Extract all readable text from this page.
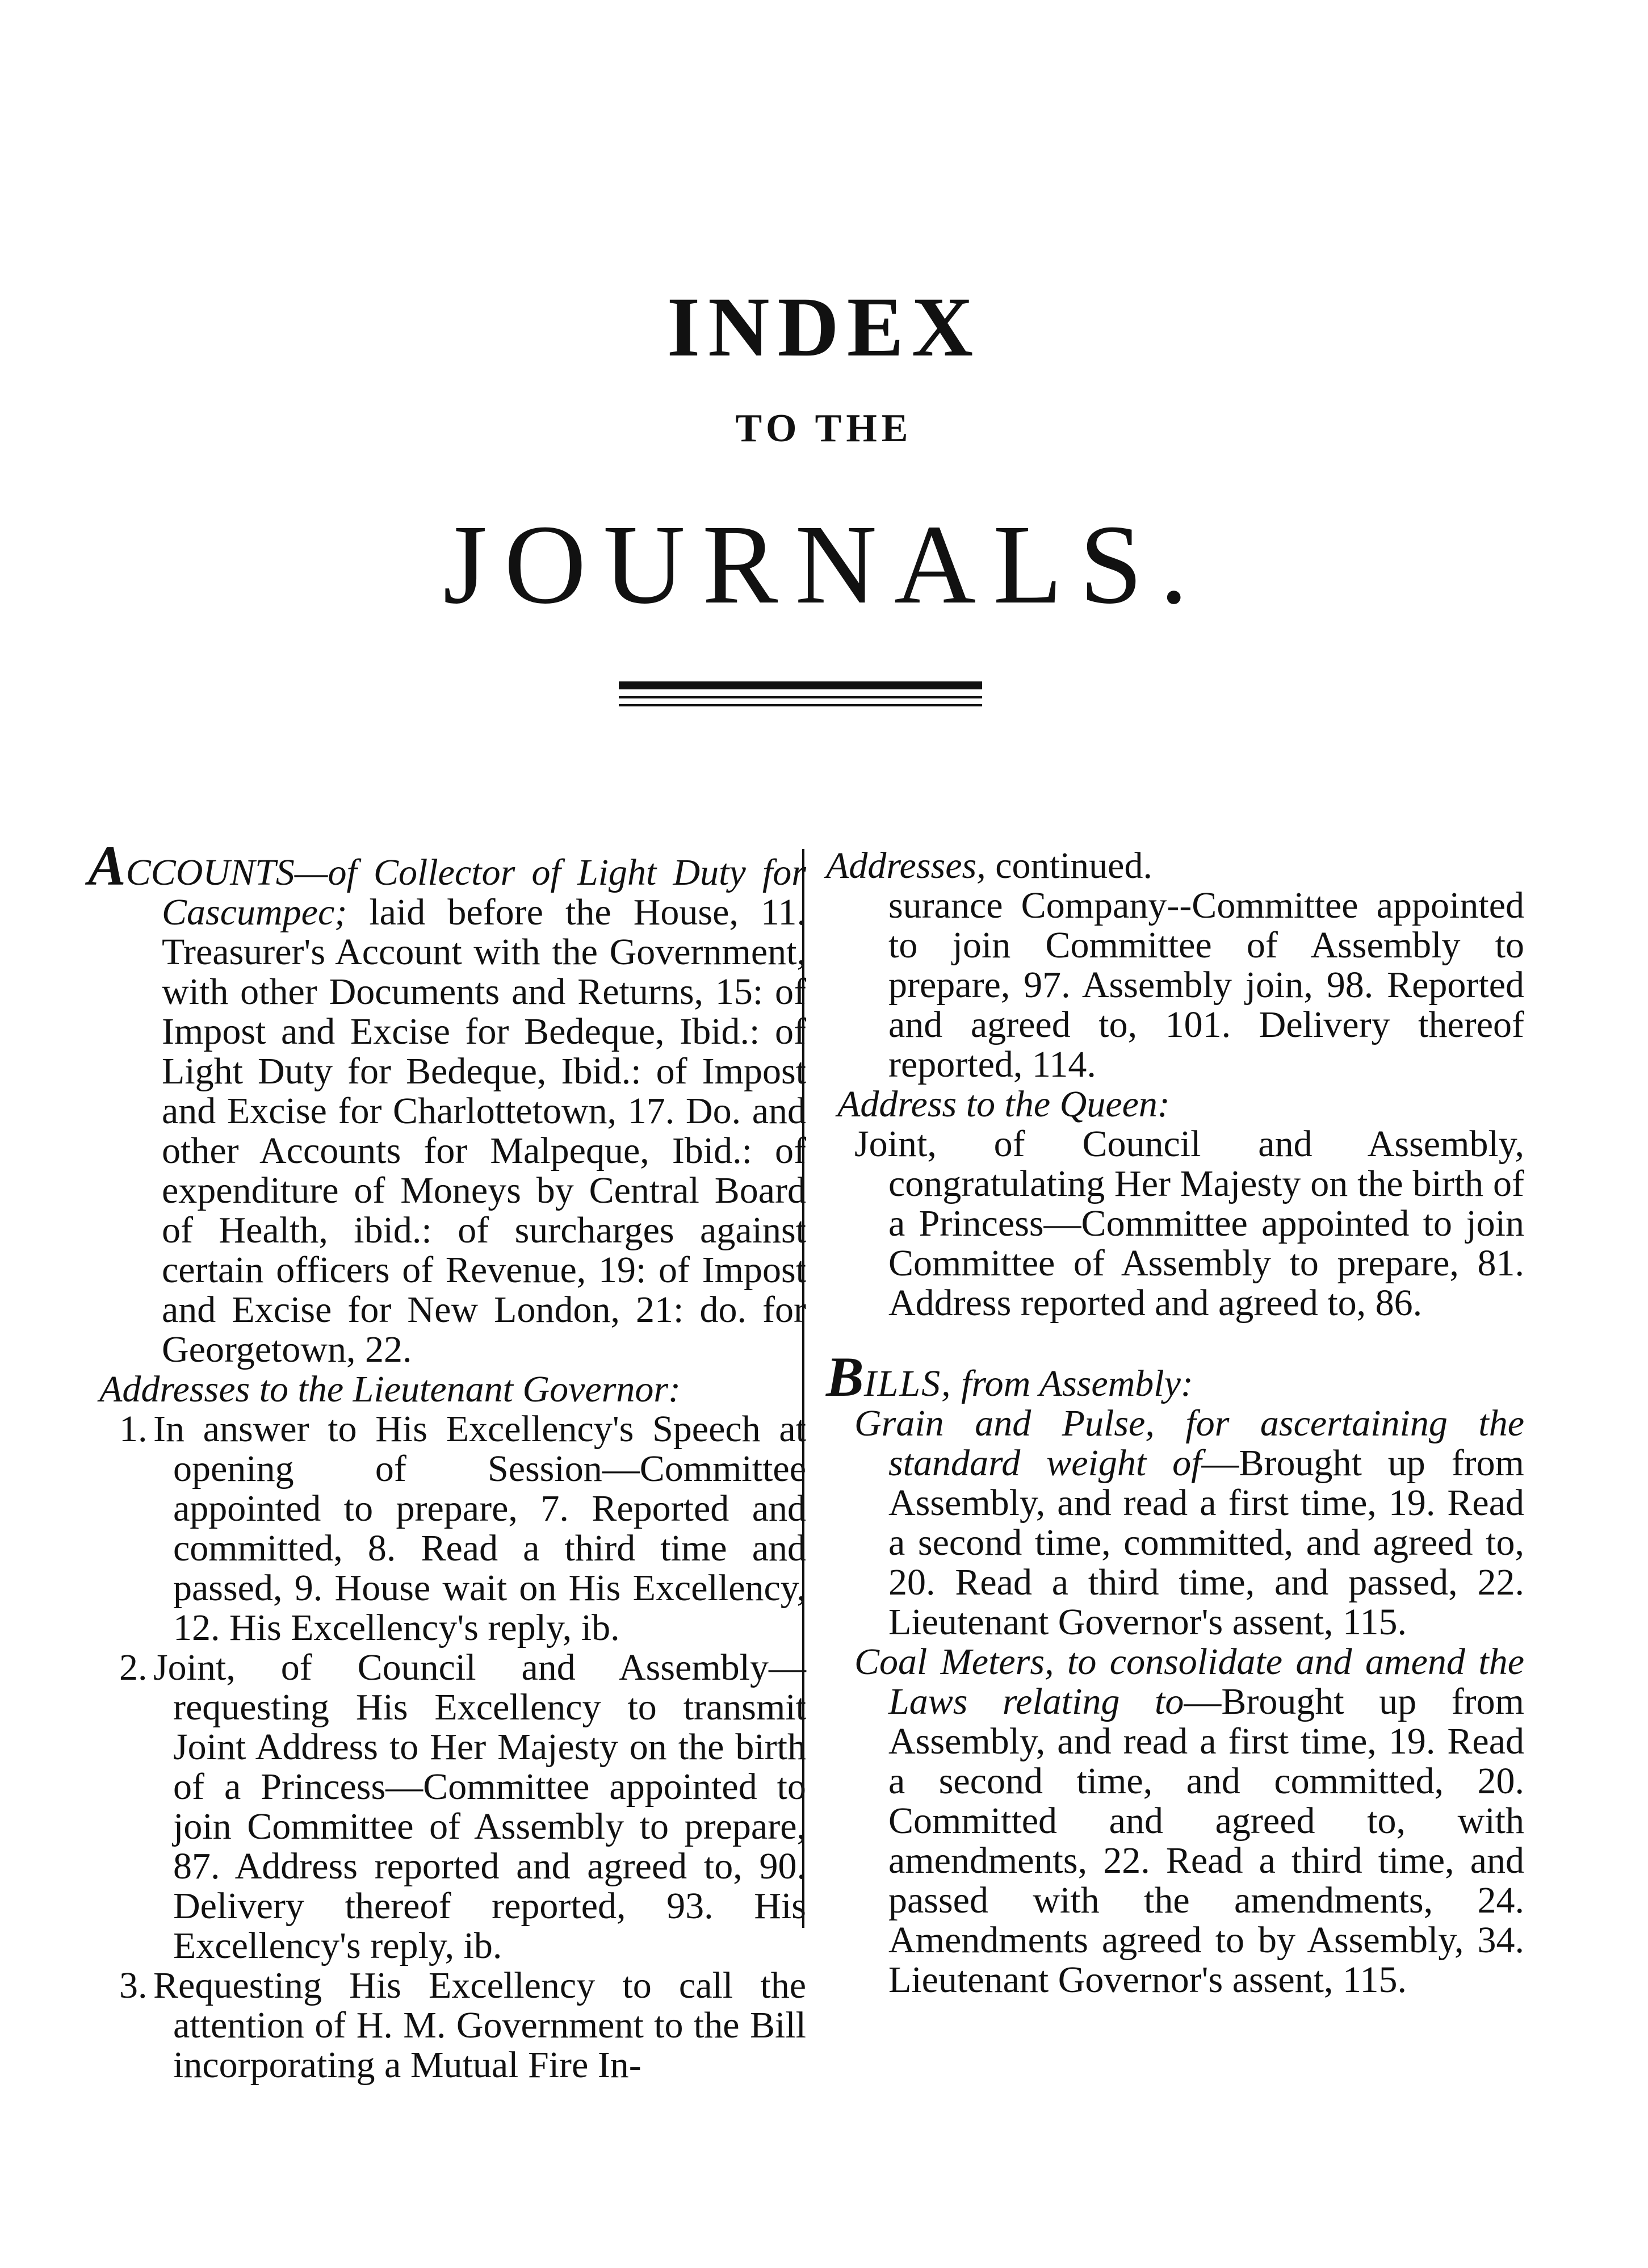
INDEX
TO THE
JOURNALS.

ACCOUNTS—of Collector of Light Duty for Cascumpec; laid before the House, 11. Treasurer's Account with the Government, with other Documents and Returns, 15: of Impost and Excise for Bedeque, Ibid.: of Light Duty for Bedeque, Ibid.: of Impost and Excise for Charlottetown, 17. Do. and other Accounts for Malpeque, Ibid.: of expenditure of Moneys by Central Board of Health, ibid.: of surcharges against certain officers of Revenue, 19: of Impost and Excise for New London, 21: do. for Georgetown, 22.

Addresses to the Lieutenant Governor:

1. In answer to His Excellency's Speech at opening of Session—Committee appointed to prepare, 7. Reported and committed, 8. Read a third time and passed, 9. House wait on His Excellency, 12. His Excellency's reply, ib.

2. Joint, of Council and Assembly—requesting His Excellency to transmit Joint Address to Her Majesty on the birth of a Princess—Committee appointed to join Committee of Assembly to prepare, 87. Address reported and agreed to, 90. Delivery thereof reported, 93. His Excellency's reply, ib.

3. Requesting His Excellency to call the attention of H. M. Government to the Bill incorporating a Mutual Fire In-

Addresses, continued.

surance Company--Committee appointed to join Committee of Assembly to prepare, 97. Assembly join, 98. Reported and agreed to, 101. Delivery thereof reported, 114.

Address to the Queen:

Joint, of Council and Assembly, congratulating Her Majesty on the birth of a Princess—Committee appointed to join Committee of Assembly to prepare, 81. Address reported and agreed to, 86.

BILLS, from Assembly:

Grain and Pulse, for ascertaining the standard weight of—Brought up from Assembly, and read a first time, 19. Read a second time, committed, and agreed to, 20. Read a third time, and passed, 22. Lieutenant Governor's assent, 115.

Coal Meters, to consolidate and amend the Laws relating to—Brought up from Assembly, and read a first time, 19. Read a second time, and committed, 20. Committed and agreed to, with amendments, 22. Read a third time, and passed with the amendments, 24. Amendments agreed to by Assembly, 34. Lieutenant Governor's assent, 115.
